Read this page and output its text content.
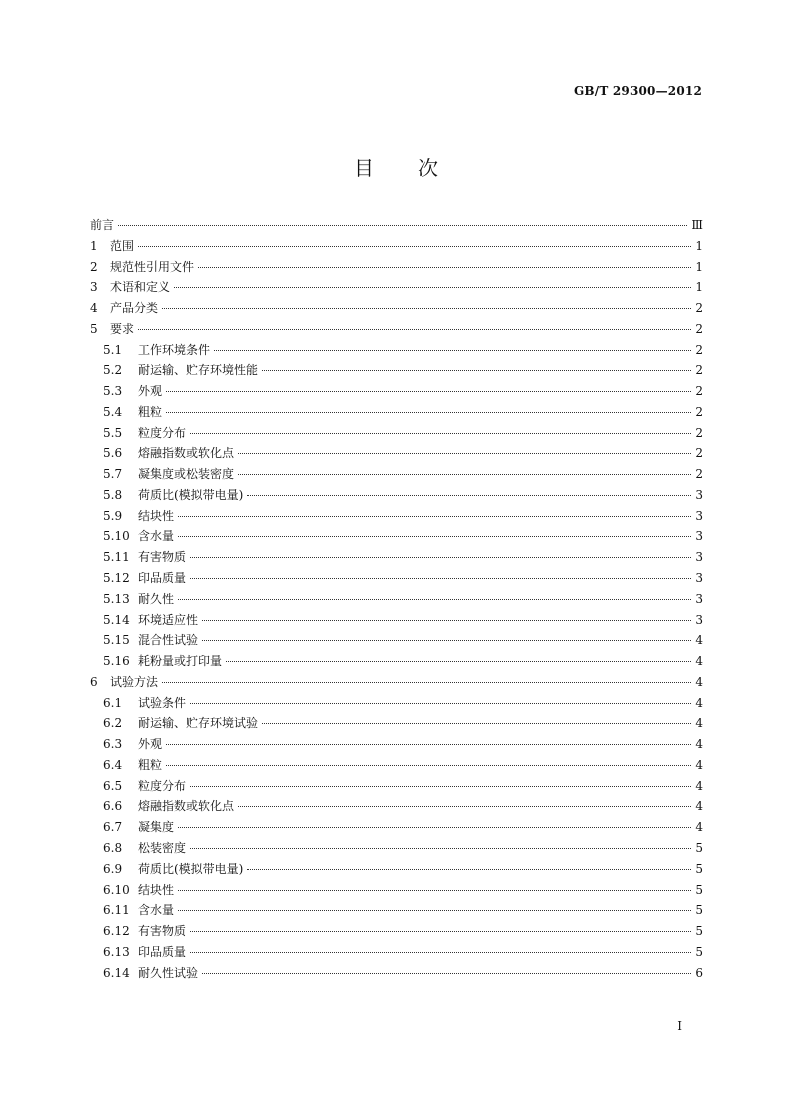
GB/T 29300—2012
目次
前言	Ⅲ
1	范围	1
2	规范性引用文件	1
3	术语和定义	1
4	产品分类	2
5	要求	2
5.1	工作环境条件	2
5.2	耐运输、贮存环境性能	2
5.3	外观	2
5.4	粗粒	2
5.5	粒度分布	2
5.6	熔融指数或软化点	2
5.7	凝集度或松装密度	2
5.8	荷质比(模拟带电量)	3
5.9	结块性	3
5.10 含水量	3
5.11 有害物质	3
5.12 印品质量	3
5.13 耐久性	3
5.14 环境适应性	3
5.15 混合性试验	4
5.16 耗粉量或打印量	4
6	试验方法	4
6.1	试验条件	4
6.2	耐运输、贮存环境试验	4
6.3	外观	4
6.4	粗粒	4
6.5	粒度分布	4
6.6	熔融指数或软化点	4
6.7	凝集度	4
6.8	松装密度	5
6.9	荷质比(模拟带电量)	5
6.10 结块性	5
6.11 含水量	5
6.12 有害物质	5
6.13 印品质量	5
6.14 耐久性试验	6
I
